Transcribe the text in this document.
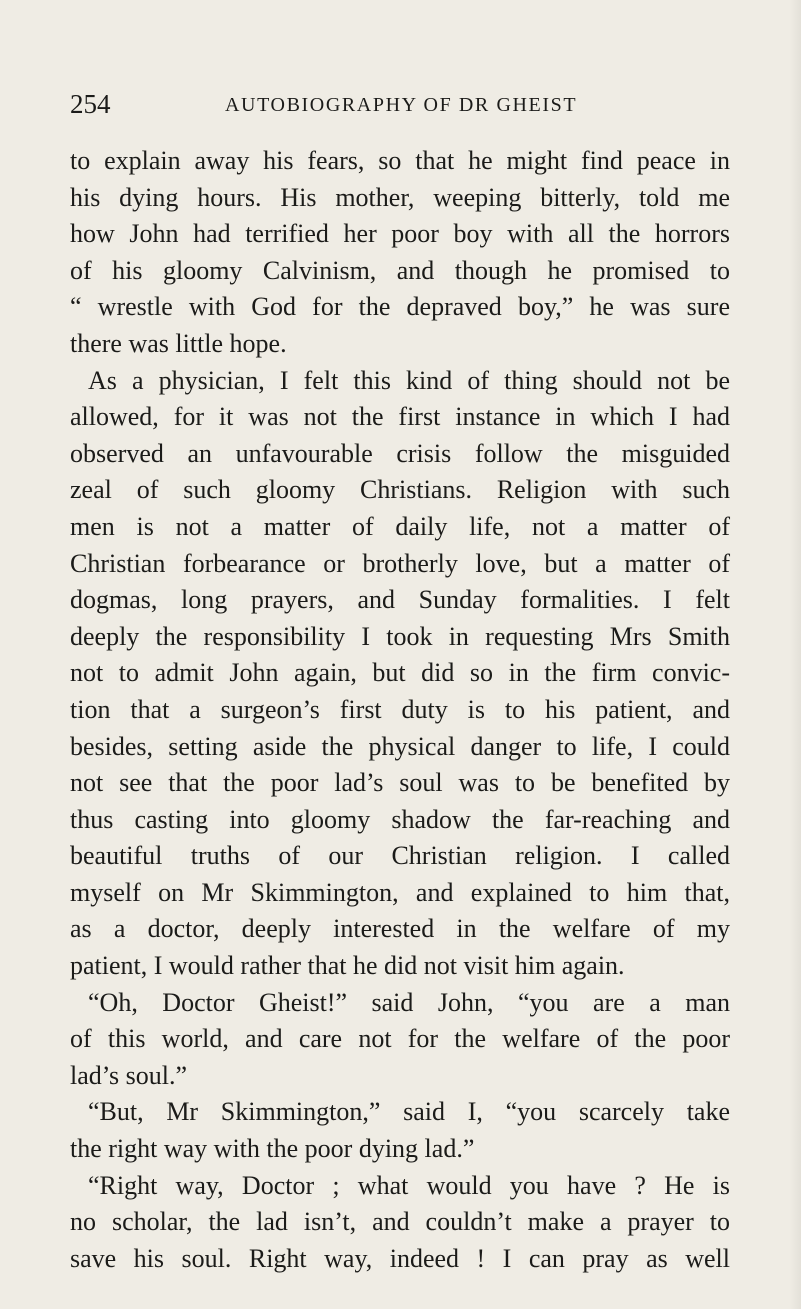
254	AUTOBIOGRAPHY OF DR GHEIST
to explain away his fears, so that he might find peace in
his dying hours. His mother, weeping bitterly, told me
how John had terrified her poor boy with all the horrors
of his gloomy Calvinism, and though he promised to
“ wrestle with God for the depraved boy,” he was sure
there was little hope.
As a physician, I felt this kind of thing should not be
allowed, for it was not the first instance in which I had
observed an unfavourable crisis follow the misguided
zeal of such gloomy Christians. Religion with such
men is not a matter of daily life, not a matter of
Christian forbearance or brotherly love, but a matter of
dogmas, long prayers, and Sunday formalities. I felt
deeply the responsibility I took in requesting Mrs Smith
not to admit John again, but did so in the firm convic-
tion that a surgeon’s first duty is to his patient, and
besides, setting aside the physical danger to life, I could
not see that the poor lad’s soul was to be benefited by
thus casting into gloomy shadow the far-reaching and
beautiful truths of our Christian religion. I called
myself on Mr Skimmington, and explained to him that,
as a doctor, deeply interested in the welfare of my
patient, I would rather that he did not visit him again.
“Oh, Doctor Gheist!” said John, “you are a man
of this world, and care not for the welfare of the poor
lad’s soul.”
“But, Mr Skimmington,” said I, “you scarcely take
the right way with the poor dying lad.”
“Right way, Doctor ; what would you have ? He is
no scholar, the lad isn’t, and couldn’t make a prayer to
save his soul. Right way, indeed ! I can pray as well
